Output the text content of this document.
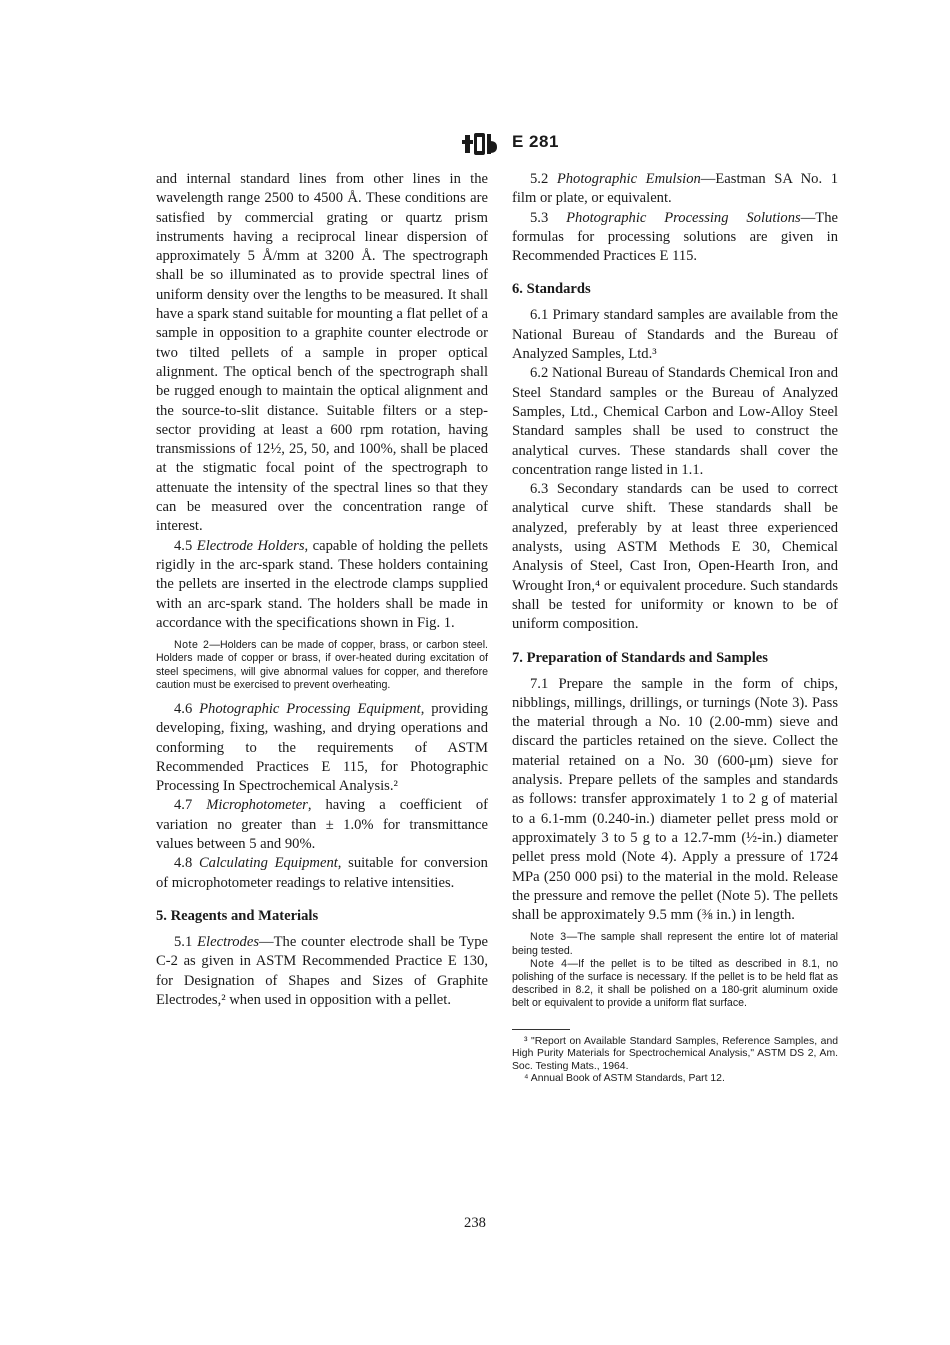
E 281

and internal standard lines from other lines in the wavelength range 2500 to 4500 Å. These conditions are satisfied by commercial grating or quartz prism instruments having a reciprocal linear dispersion of approximately 5 Å/mm at 3200 Å. The spectrograph shall be so illuminated as to provide spectral lines of uniform density over the lengths to be measured. It shall have a spark stand suitable for mounting a flat pellet of a sample in opposition to a graphite counter electrode or two tilted pellets of a sample in proper optical alignment. The optical bench of the spectrograph shall be rugged enough to maintain the optical alignment and the source-to-slit distance. Suitable filters or a step-sector providing at least a 600 rpm rotation, having transmissions of 12½, 25, 50, and 100%, shall be placed at the stigmatic focal point of the spectrograph to attenuate the intensity of the spectral lines so that they can be measured over the concentration range of interest.

4.5 Electrode Holders, capable of holding the pellets rigidly in the arc-spark stand. These holders containing the pellets are inserted in the electrode clamps supplied with an arc-spark stand. The holders shall be made in accordance with the specifications shown in Fig. 1.

Note 2—Holders can be made of copper, brass, or carbon steel. Holders made of copper or brass, if over-heated during excitation of steel specimens, will give abnormal values for copper, and therefore caution must be exercised to prevent overheating.

4.6 Photographic Processing Equipment, providing developing, fixing, washing, and drying operations and conforming to the requirements of ASTM Recommended Practices E 115, for Photographic Processing In Spectrochemical Analysis.²

4.7 Microphotometer, having a coefficient of variation no greater than ± 1.0% for transmittance values between 5 and 90%.

4.8 Calculating Equipment, suitable for conversion of microphotometer readings to relative intensities.

5. Reagents and Materials

5.1 Electrodes—The counter electrode shall be Type C-2 as given in ASTM Recommended Practice E 130, for Designation of Shapes and Sizes of Graphite Electrodes,² when used in opposition with a pellet.

5.2 Photographic Emulsion—Eastman SA No. 1 film or plate, or equivalent.

5.3 Photographic Processing Solutions—The formulas for processing solutions are given in Recommended Practices E 115.

6. Standards

6.1 Primary standard samples are available from the National Bureau of Standards and the Bureau of Analyzed Samples, Ltd.³

6.2 National Bureau of Standards Chemical Iron and Steel Standard samples or the Bureau of Analyzed Samples, Ltd., Chemical Carbon and Low-Alloy Steel Standard samples shall be used to construct the analytical curves. These standards shall cover the concentration range listed in 1.1.

6.3 Secondary standards can be used to correct analytical curve shift. These standards shall be analyzed, preferably by at least three experienced analysts, using ASTM Methods E 30, Chemical Analysis of Steel, Cast Iron, Open-Hearth Iron, and Wrought Iron,⁴ or equivalent procedure. Such standards shall be tested for uniformity or known to be of uniform composition.

7. Preparation of Standards and Samples

7.1 Prepare the sample in the form of chips, nibblings, millings, drillings, or turnings (Note 3). Pass the material through a No. 10 (2.00-mm) sieve and discard the particles retained on the sieve. Collect the material retained on a No. 30 (600-μm) sieve for analysis. Prepare pellets of the samples and standards as follows: transfer approximately 1 to 2 g of material to a 6.1-mm (0.240-in.) diameter pellet press mold or approximately 3 to 5 g to a 12.7-mm (½-in.) diameter pellet press mold (Note 4). Apply a pressure of 1724 MPa (250 000 psi) to the material in the mold. Release the pressure and remove the pellet (Note 5). The pellets shall be approximately 9.5 mm (⅜ in.) in length.

Note 3—The sample shall represent the entire lot of material being tested.

Note 4—If the pellet is to be tilted as described in 8.1, no polishing of the surface is necessary. If the pellet is to be held flat as described in 8.2, it shall be polished on a 180-grit aluminum oxide belt or equivalent to provide a uniform flat surface.

³ "Report on Available Standard Samples, Reference Samples, and High Purity Materials for Spectrochemical Analysis," ASTM DS 2, Am. Soc. Testing Mats., 1964.

⁴ Annual Book of ASTM Standards, Part 12.

238
